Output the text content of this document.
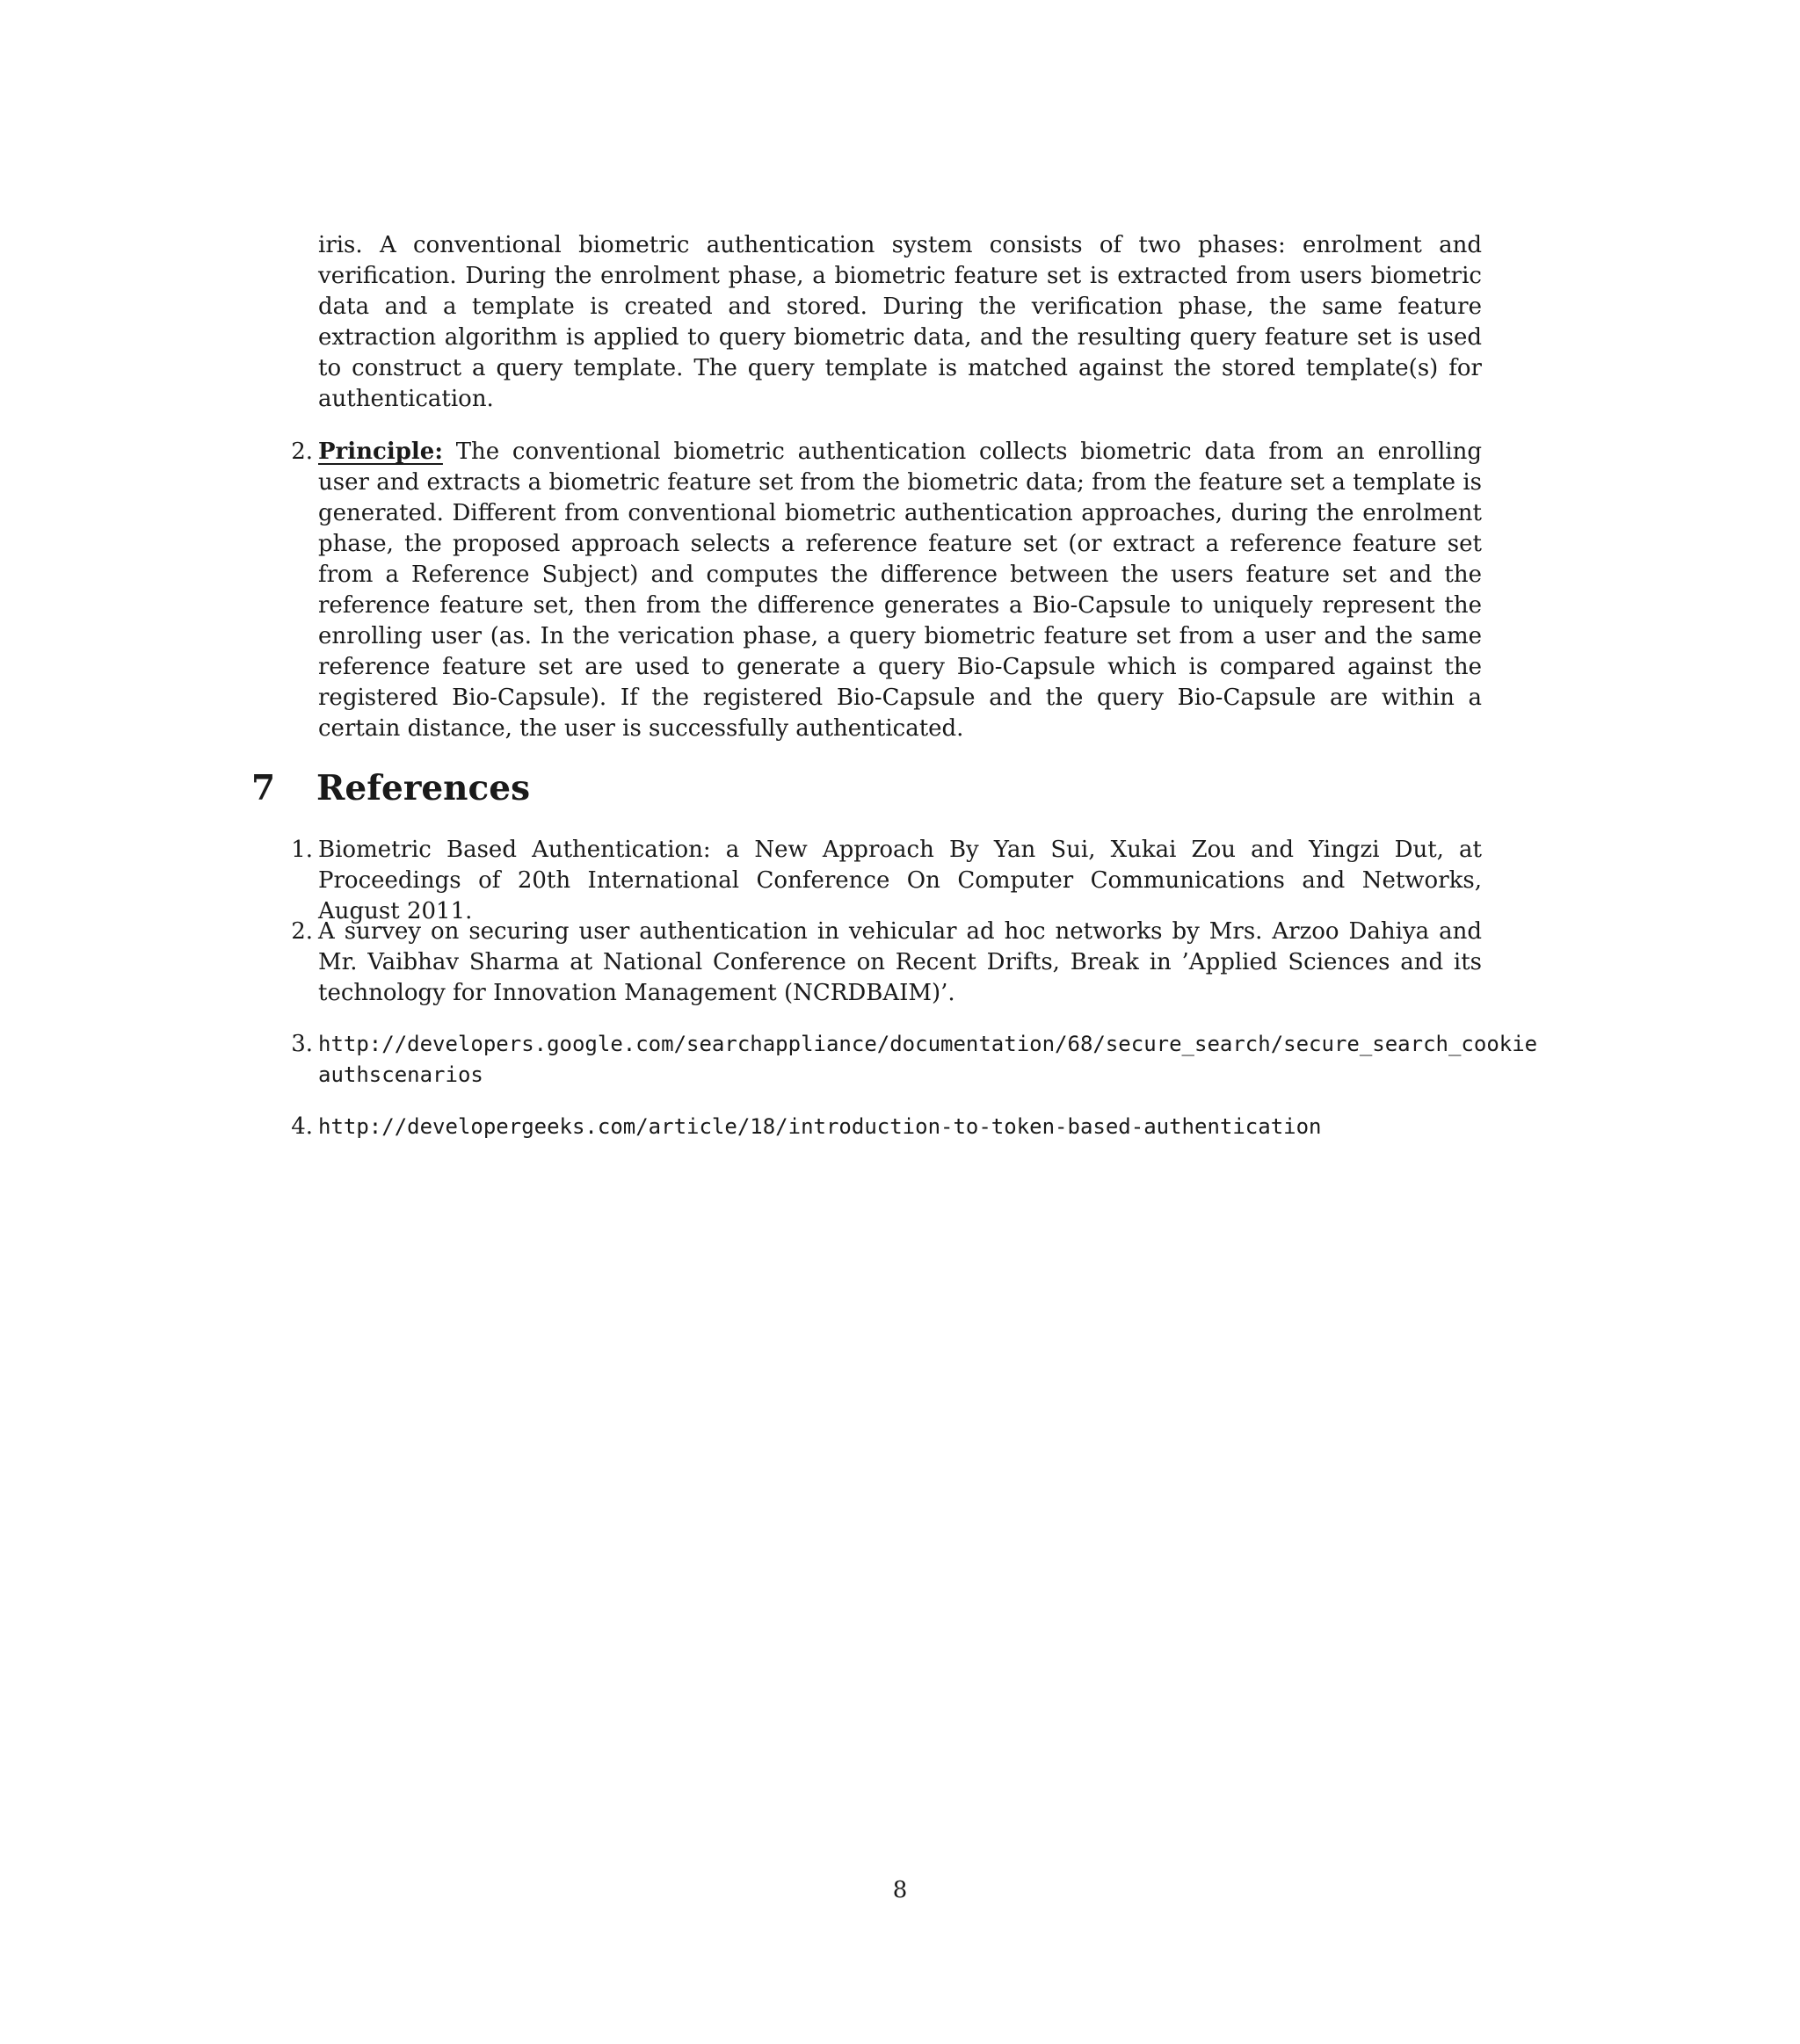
iris. A conventional biometric authentication system consists of two phases: enrolment and verification. During the enrolment phase, a biometric feature set is extracted from users biometric data and a template is created and stored. During the verification phase, the same feature extraction algorithm is applied to query biometric data, and the resulting query feature set is used to construct a query template. The query template is matched against the stored template(s) for authentication.

2. Principle: The conventional biometric authentication collects biometric data from an enrolling user and extracts a biometric feature set from the biometric data; from the feature set a template is generated. Different from conventional biometric authentication approaches, during the enrolment phase, the proposed approach selects a reference feature set (or extract a reference feature set from a Reference Subject) and computes the difference between the users feature set and the reference feature set, then from the difference generates a Bio-Capsule to uniquely represent the enrolling user (as. In the verication phase, a query biometric feature set from a user and the same reference feature set are used to generate a query Bio-Capsule which is compared against the registered Bio-Capsule). If the registered Bio-Capsule and the query Bio-Capsule are within a certain distance, the user is successfully authenticated.
7 References
1. Biometric Based Authentication: a New Approach By Yan Sui, Xukai Zou and Yingzi Dut, at Proceedings of 20th International Conference On Computer Communications and Networks, August 2011.
2. A survey on securing user authentication in vehicular ad hoc networks by Mrs. Arzoo Dahiya and Mr. Vaibhav Sharma at National Conference on Recent Drifts, Break in ’Applied Sciences and its technology for Innovation Management (NCRDBAIM)’.
3. http://developers.google.com/searchappliance/documentation/68/secure_search/secure_search_cookieauthscenarios
4. http://developergeeks.com/article/18/introduction-to-token-based-authentication
8
